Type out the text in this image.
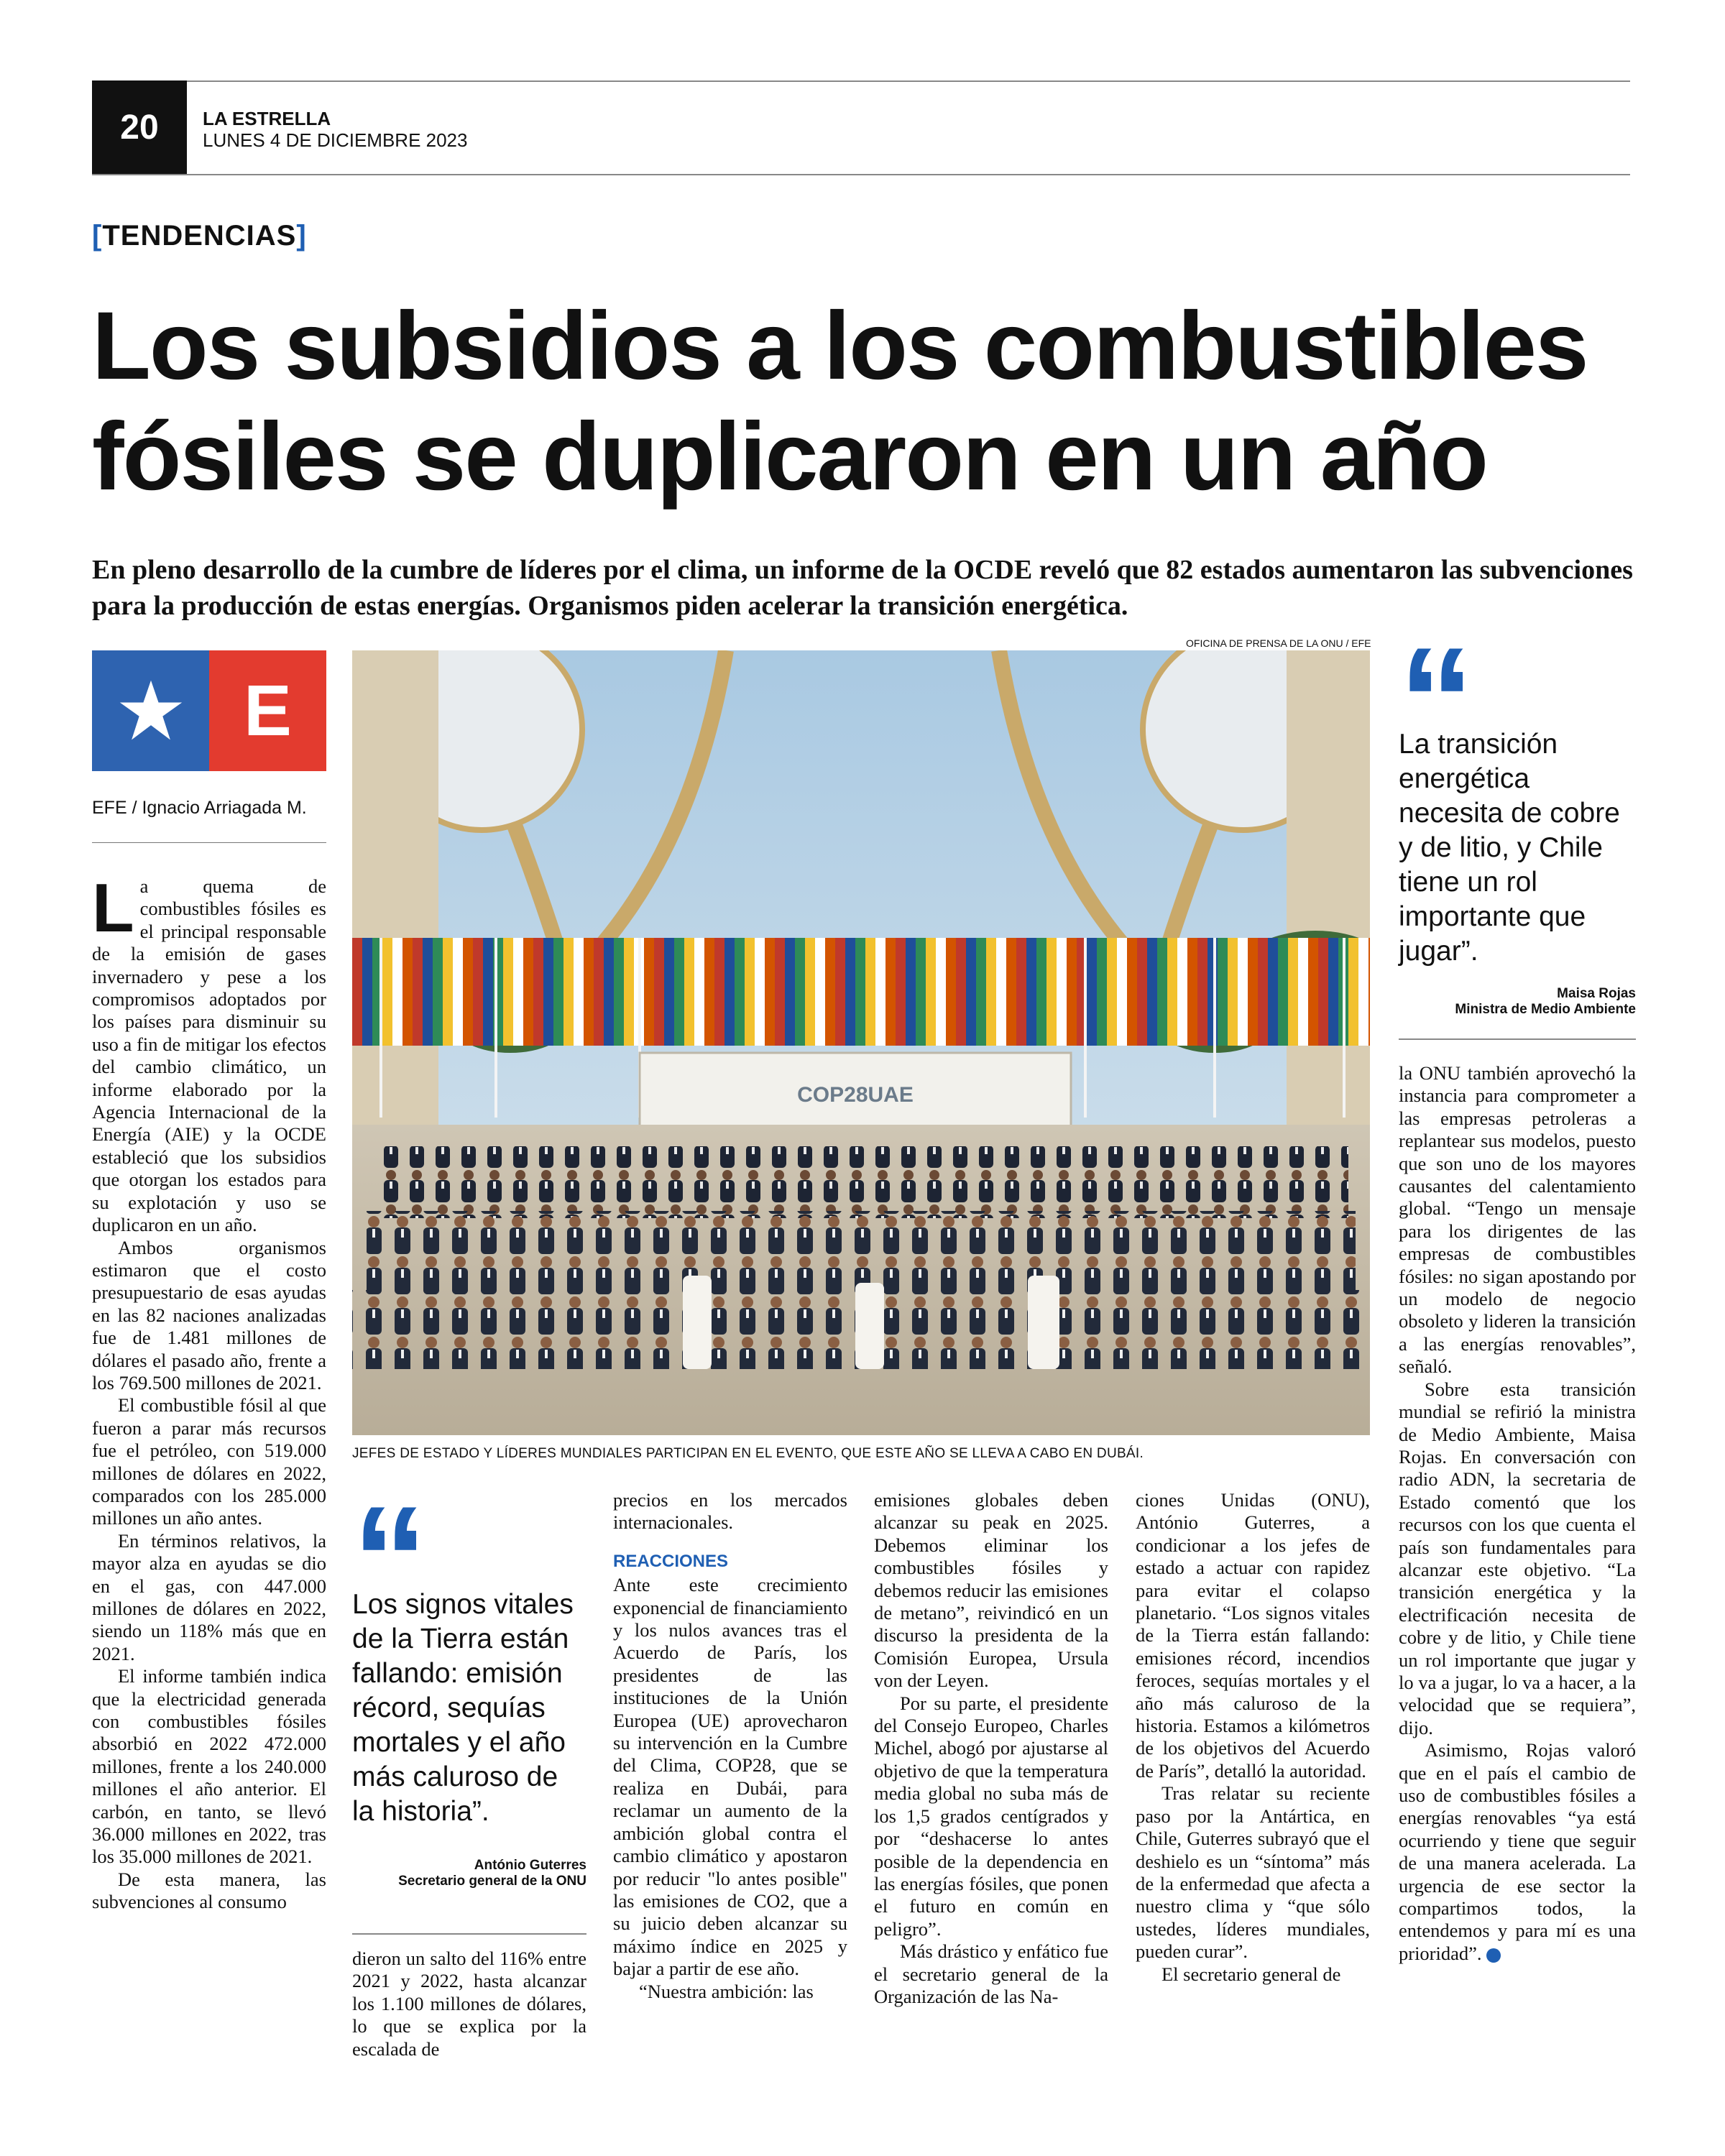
20	LA ESTRELLA
LUNES 4 DE DICIEMBRE 2023
[TENDENCIAS]
Los subsidios a los combustibles fósiles se duplicaron en un año

En pleno desarrollo de la cumbre de líderes por el clima, un informe de la OCDE reveló que 82 estados aumentaron las subvenciones para la producción de estas energías. Organismos piden acelerar la transición energética.

E
EFE / Ignacio Arriagada M.
OFICINA DE PRENSA DE LA ONU / EFE
COP28UAE
JEFES DE ESTADO Y LÍDERES MUNDIALES PARTICIPAN EN EL EVENTO, QUE ESTE AÑO SE LLEVA A CABO EN DUBÁI.
La transición energética necesita de cobre y de litio, y Chile tiene un rol importante que jugar”.
Maisa Rojas
Ministra de Medio Ambiente

La quema de combustibles fósiles es el principal responsable de la emisión de gases invernadero y pese a los compromisos adoptados por los países para disminuir su uso a fin de mitigar los efectos del cambio climático, un informe elaborado por la Agencia Internacional de la Energía (AIE) y la OCDE estableció que los subsidios que otorgan los estados para su explotación y uso se duplicaron en un año.

Ambos organismos estimaron que el costo presupuestario de esas ayudas en las 82 naciones analizadas fue de 1.481 millones de dólares el pasado año, frente a los 769.500 millones de 2021.

El combustible fósil al que fueron a parar más recursos fue el petróleo, con 519.000 millones de dólares en 2022, comparados con los 285.000 millones un año antes.

En términos relativos, la mayor alza en ayudas se dio en el gas, con 447.000 millones de dólares en 2022, siendo un 118% más que en 2021.

El informe también indica que la electricidad generada con combustibles fósiles absorbió en 2022 472.000 millones, frente a los 240.000 millones el año anterior. El carbón, en tanto, se llevó 36.000 millones en 2022, tras los 35.000 millones de 2021.

De esta manera, las subvenciones al consumo

Los signos vitales de la Tierra están fallando: emisión récord, sequías mortales y el año más caluroso de la historia”.
António Guterres
Secretario general de la ONU

dieron un salto del 116% entre 2021 y 2022, hasta alcanzar los 1.100 millones de dólares, lo que se explica por la escalada de

precios en los mercados internacionales.

REACCIONES

Ante este crecimiento exponencial de financiamiento y los nulos avances tras el Acuerdo de París, los presidentes de las instituciones de la Unión Europea (UE) aprovecharon su intervención en la Cumbre del Clima, COP28, que se realiza en Dubái, para reclamar un aumento de la ambición global contra el cambio climático y apostaron por reducir "lo antes posible" las emisiones de CO2, que a su juicio deben alcanzar su máximo índice en 2025 y bajar a partir de ese año.

“Nuestra ambición: las

emisiones globales deben alcanzar su peak en 2025. Debemos eliminar los combustibles fósiles y debemos reducir las emisiones de metano”, reivindicó en un discurso la presidenta de la Comisión Europea, Ursula von der Leyen.

Por su parte, el presidente del Consejo Europeo, Charles Michel, abogó por ajustarse al objetivo de que la temperatura media global no suba más de los 1,5 grados centígrados y por “deshacerse lo antes posible de la dependencia en las energías fósiles, que ponen el futuro en común en peligro”.

Más drástico y enfático fue el secretario general de la Organización de las Na-

ciones Unidas (ONU), António Guterres, a condicionar a los jefes de estado a actuar con rapidez para evitar el colapso planetario. “Los signos vitales de la Tierra están fallando: emisiones récord, incendios feroces, sequías mortales y el año más caluroso de la historia. Estamos a kilómetros de los objetivos del Acuerdo de París”, detalló la autoridad.

Tras relatar su reciente paso por la Antártica, en Chile, Guterres subrayó que el deshielo es un “síntoma” más de la enfermedad que afecta a nuestro clima y “que sólo ustedes, líderes mundiales, pueden curar”.

El secretario general de

la ONU también aprovechó la instancia para comprometer a las empresas petroleras a replantear sus modelos, puesto que son uno de los mayores causantes del calentamiento global. “Tengo un mensaje para los dirigentes de las empresas de combustibles fósiles: no sigan apostando por un modelo de negocio obsoleto y lideren la transición a las energías renovables”, señaló.

Sobre esta transición mundial se refirió la ministra de Medio Ambiente, Maisa Rojas. En conversación con radio ADN, la secretaria de Estado comentó que los recursos con los que cuenta el país son fundamentales para alcanzar este objetivo. “La transición energética y la electrificación necesita de cobre y de litio, y Chile tiene un rol importante que jugar y lo va a jugar, lo va a hacer, a la velocidad que se requiera”, dijo.

Asimismo, Rojas valoró que en el país el cambio de uso de combustibles fósiles a energías renovables “ya está ocurriendo y tiene que seguir de una manera acelerada. La urgencia de ese sector la compartimos todos, la entendemos y para mí es una prioridad”.	✪
